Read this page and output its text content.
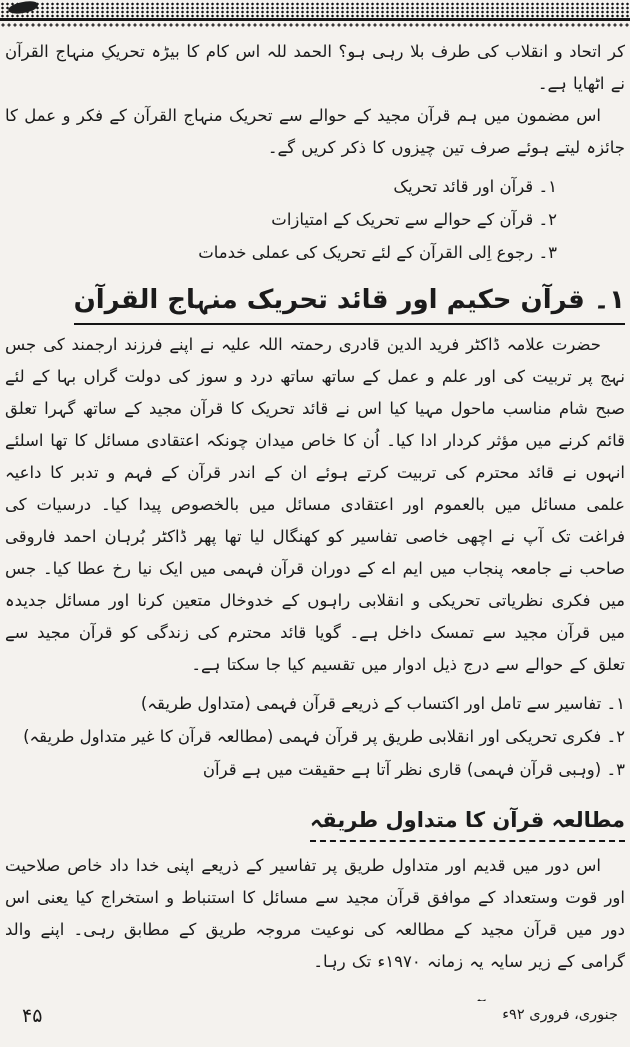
کر اتحاد و انقلاب کی طرف بلا رہی ہو؟ الحمد للہ اس کام کا بیڑہ تحریکِ منہاج القرآن نے اٹھایا ہے۔

اس مضمون میں ہم قرآن مجید کے حوالے سے تحریک منہاج القرآن کے فکر و عمل کا جائزہ لیتے ہوئے صرف تین چیزوں کا ذکر کریں گے۔

۱۔ قرآن اور قائد تحریک
۲۔ قرآن کے حوالے سے تحریک کے امتیازات
۳۔ رجوع اِلی القرآن کے لئے تحریک کی عملی خدمات
۱۔ قرآن حکیم اور قائد تحریک منہاج القرآن

حضرت علامہ ڈاکٹر فرید الدین قادری رحمتہ اللہ علیہ نے اپنے فرزند ارجمند کی جس نہج پر تربیت کی اور علم و عمل کے ساتھ ساتھ درد و سوز کی دولت گراں بہا کے لئے صبح شام مناسب ماحول مہیا کیا اس نے قائد تحریک کا قرآن مجید کے ساتھ گہرا تعلق قائم کرنے میں مؤثر کردار ادا کیا۔ اُن کا خاص میدان چونکہ اعتقادی مسائل کا تھا اسلئے انہوں نے قائد محترم کی تربیت کرتے ہوئے ان کے اندر قرآن کے فہم و تدبر کا داعیہ علمی مسائل میں بالعموم اور اعتقادی مسائل میں بالخصوص پیدا کیا۔ درسیات کی فراغت تک آپ نے اچھی خاصی تفاسیر کو کھنگال لیا تھا پھر ڈاکٹر بُرہان احمد فاروقی صاحب نے جامعہ پنجاب میں ایم اے کے دوران قرآن فہمی میں ایک نیا رخ عطا کیا۔ جس میں فکری نظریاتی تحریکی و انقلابی راہوں کے خدوخال متعین کرنا اور مسائل جدیدہ میں قرآن مجید سے تمسک داخل ہے۔ گویا قائد محترم کی زندگی کو قرآن مجید سے تعلق کے حوالے سے درج ذیل ادوار میں تقسیم کیا جا سکتا ہے۔

۱۔ تفاسیر سے تامل اور اکتساب کے ذریعے قرآن فہمی (متداول طریقہ)
۲۔ فکری تحریکی اور انقلابی طریق پر قرآن فہمی (مطالعہ قرآن کا غیر متداول طریقہ)
۳۔ (وہبی قرآن فہمی) قاری نظر آتا ہے حقیقت میں ہے قرآن
مطالعہ قرآن کا متداول طریقہ

اس دور میں قدیم اور متداول طریق پر تفاسیر کے ذریعے اپنی خدا داد خاص صلاحیت اور قوت وستعداد کے موافق قرآن مجید سے مسائل کا استنباط و استخراج کیا یعنی اس دور میں قرآن مجید کے مطالعہ کی نوعیت مروجہ طریق کے مطابق رہی۔ اپنے والد گرامی کے زیر سایہ یہ زمانہ ۱۹۷۰ء تک رہا۔

جنوری، فروری ۹۲ء
۴۵
